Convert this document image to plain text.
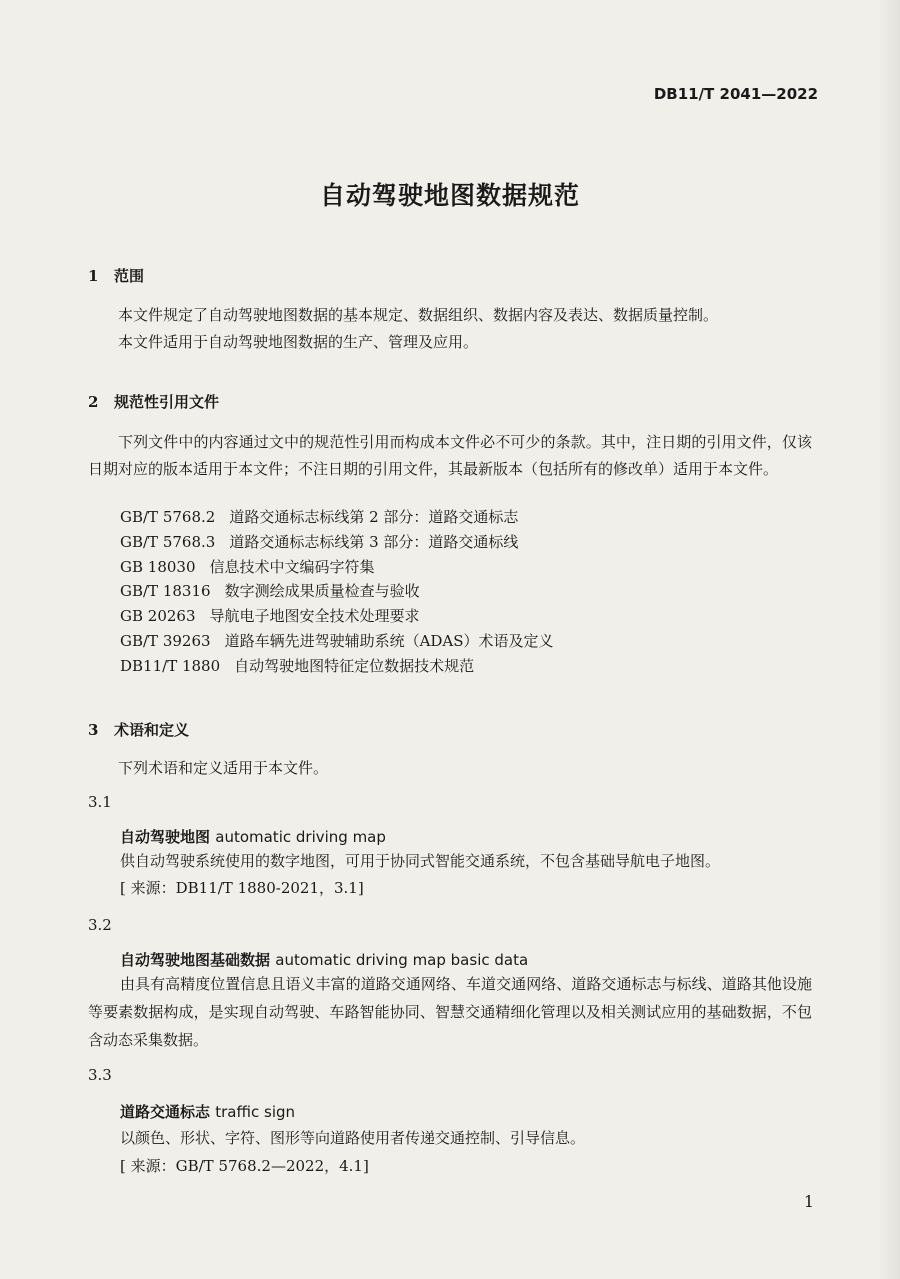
DB11/T 2041—2022
自动驾驶地图数据规范
1 范围
本文件规定了自动驾驶地图数据的基本规定、数据组织、数据内容及表达、数据质量控制。
本文件适用于自动驾驶地图数据的生产、管理及应用。
2 规范性引用文件
下列文件中的内容通过文中的规范性引用而构成本文件必不可少的条款。其中，注日期的引用文件，仅该日期对应的版本适用于本文件；不注日期的引用文件，其最新版本（包括所有的修改单）适用于本文件。
GB/T 5768.2 道路交通标志标线第 2 部分：道路交通标志
GB/T 5768.3 道路交通标志标线第 3 部分：道路交通标线
GB 18030 信息技术中文编码字符集
GB/T 18316 数字测绘成果质量检查与验收
GB 20263 导航电子地图安全技术处理要求
GB/T 39263 道路车辆先进驾驶辅助系统（ADAS）术语及定义
DB11/T 1880 自动驾驶地图特征定位数据技术规范
3 术语和定义
下列术语和定义适用于本文件。
3.1
自动驾驶地图 automatic driving map
供自动驾驶系统使用的数字地图，可用于协同式智能交通系统，不包含基础导航电子地图。
[ 来源：DB11/T 1880-2021，3.1]
3.2
自动驾驶地图基础数据 automatic driving map basic data
由具有高精度位置信息且语义丰富的道路交通网络、车道交通网络、道路交通标志与标线、道路其他设施等要素数据构成，是实现自动驾驶、车路智能协同、智慧交通精细化管理以及相关测试应用的基础数据，不包含动态采集数据。
3.3
道路交通标志 traffic sign
以颜色、形状、字符、图形等向道路使用者传递交通控制、引导信息。
[ 来源：GB/T 5768.2—2022，4.1]
1
